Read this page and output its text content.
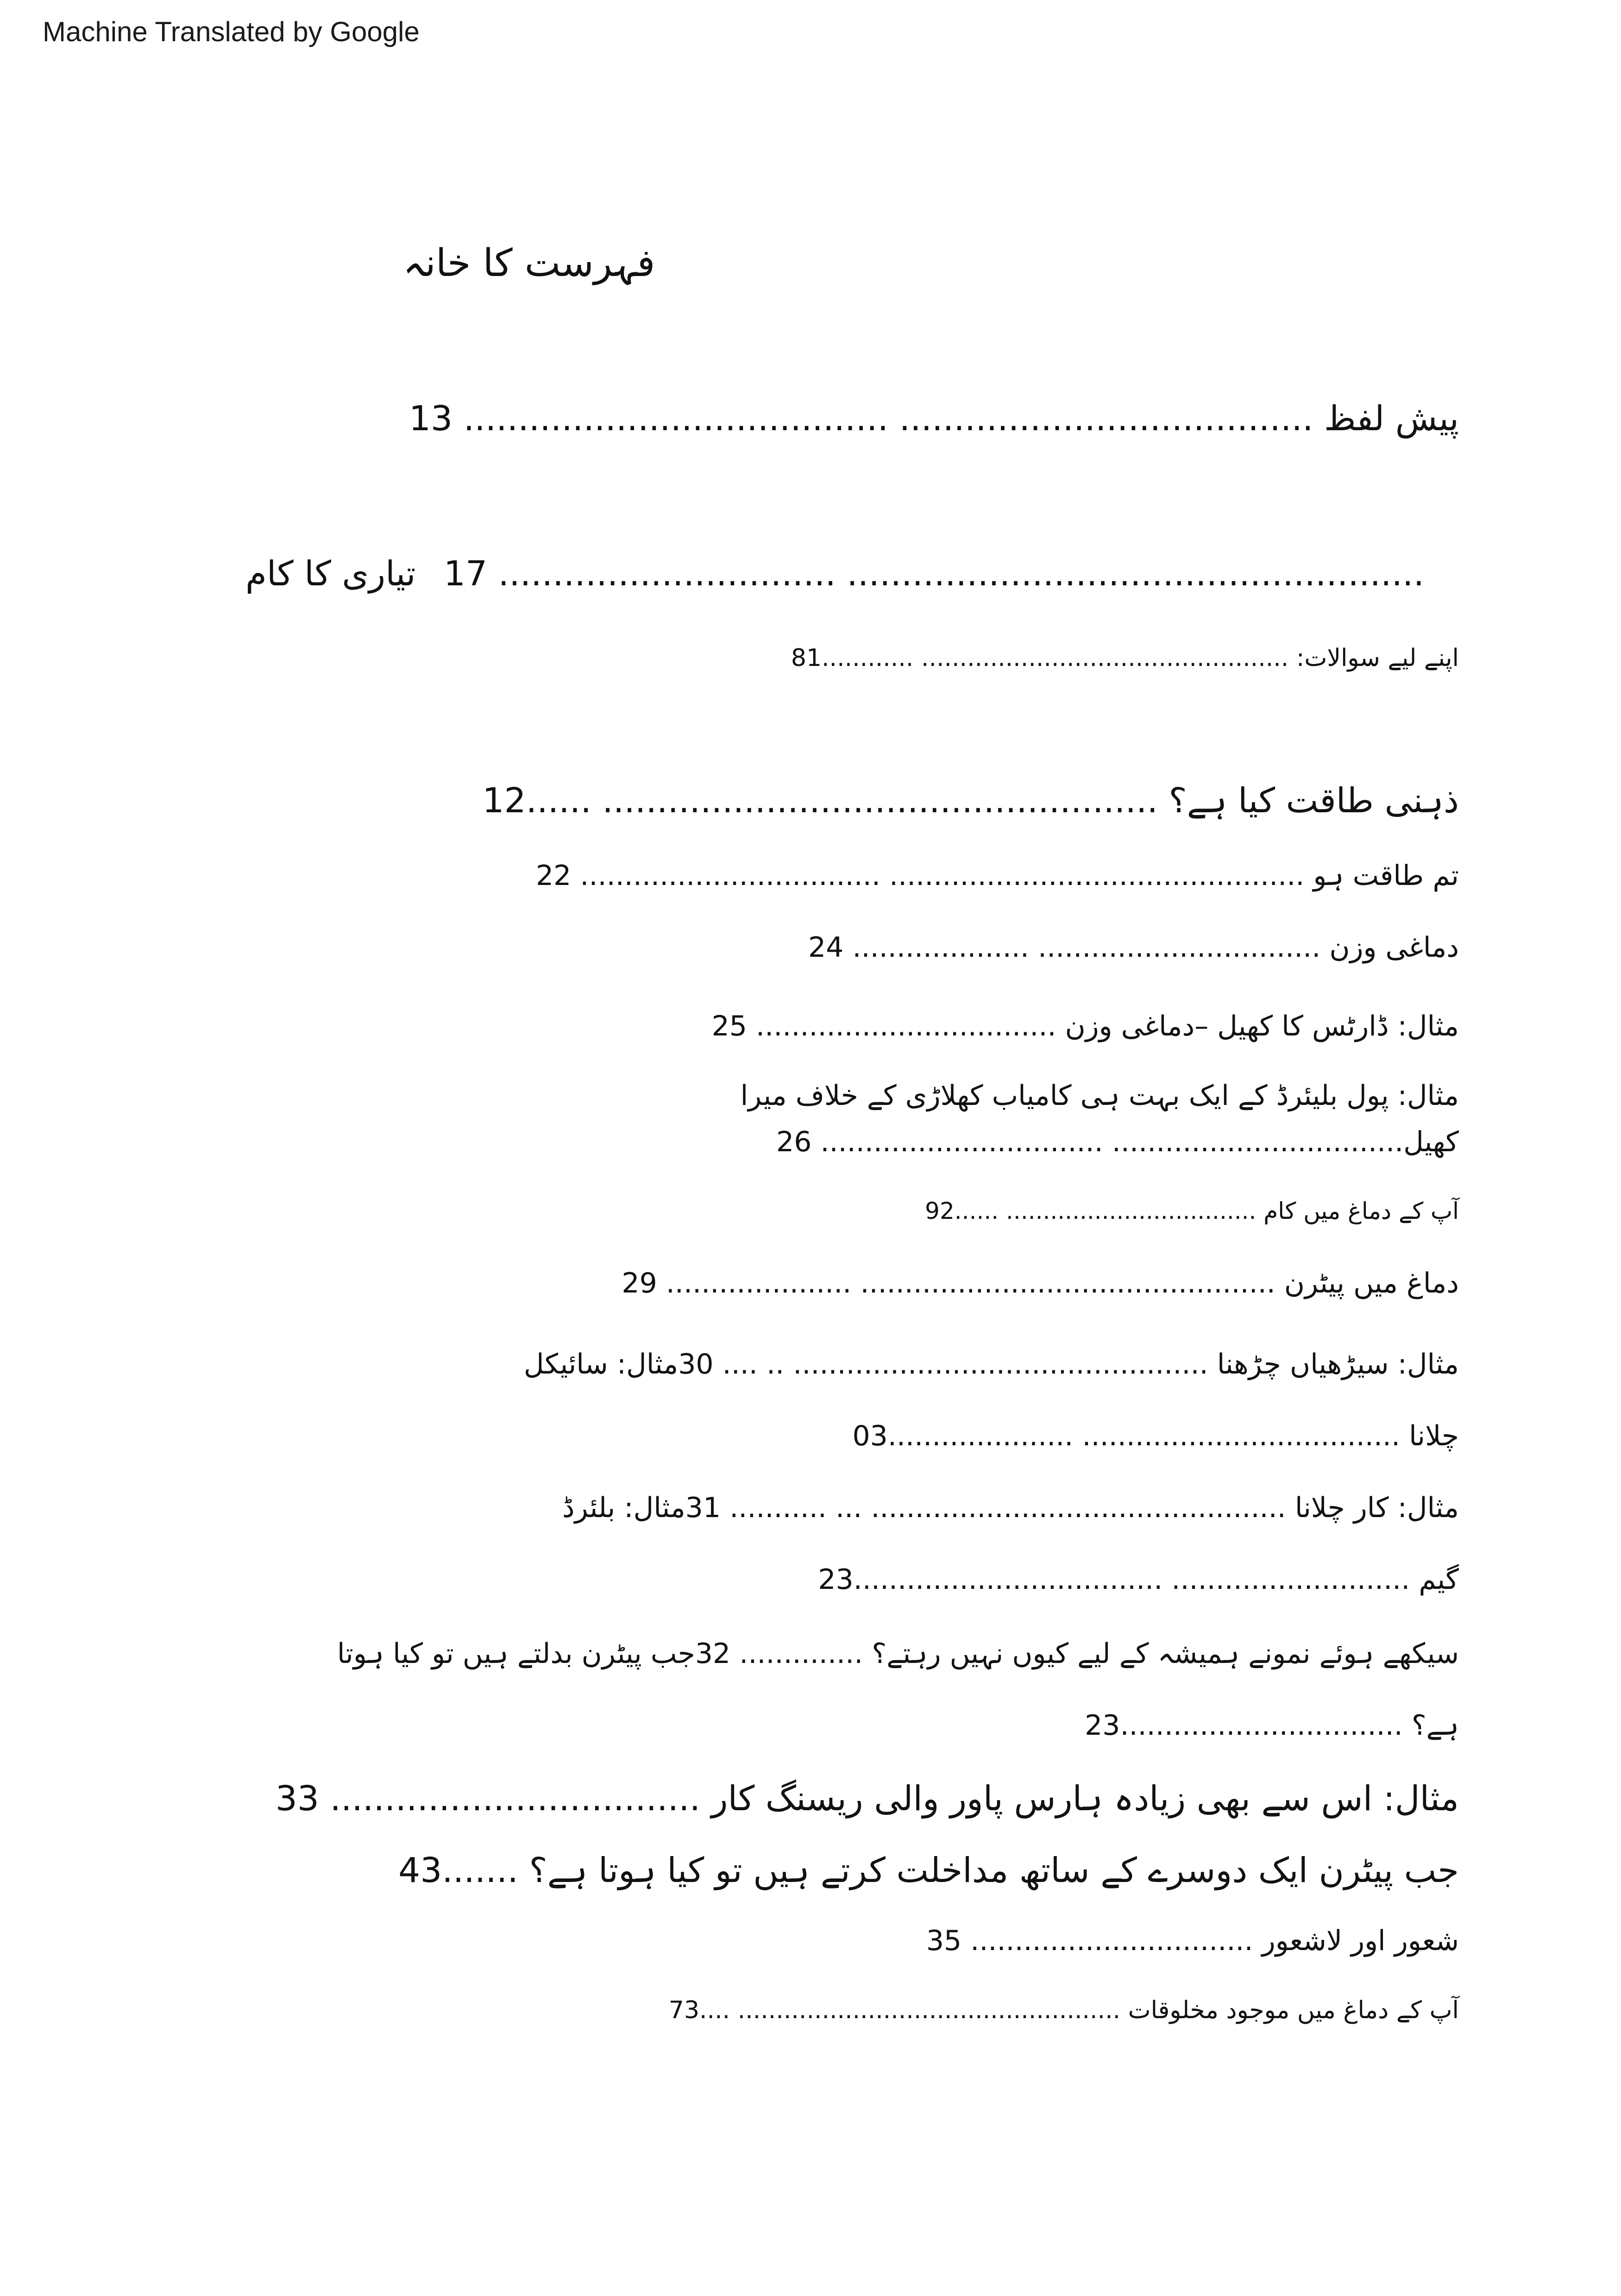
Machine Translated by Google
فہرست کا خانہ
پیش لفظ ...................................... ....................................... 13
17 ............................... .....................................................
تیاری کا کام
اپنے لیے سوالات: ................................................ ............81
ذہنی طاقت کیا ہے؟ ................................................... ......12
تم طاقت ہو ............................................... .................................. 22
دماغی وزن ................................ .................... 24
مثال: ڈارٹس کا کھیل –دماغی وزن .................................. 25
مثال: پول بلیئرڈ کے ایک بہت ہی کامیاب کھلاڑی کے خلاف میرا
کھیل................................. ................................ 26
آپ کے دماغ میں کام .................................. ......92
دماغ میں پیٹرن ............................................... ..................... 29
مثال: سیڑھیاں چڑھنا ............................................... .. .... 30مثال: سائیکل
چلانا .................................... .....................03
مثال: کار چلانا ............................................... ... ........... 31مثال: بلئرڈ
گیم ........................... ...................................23
سیکھے ہوئے نمونے ہمیشہ کے لیے کیوں نہیں رہتے؟ .............. 32جب پیٹرن بدلتے ہیں تو کیا ہوتا
ہے؟ ................................23
مثال: اس سے بھی زیادہ ہارس پاور والی ریسنگ کار .................................. 33
جب پیٹرن ایک دوسرے کے ساتھ مداخلت کرتے ہیں تو کیا ہوتا ہے؟ .......43
شعور اور لاشعور ................................ 35
آپ کے دماغ میں موجود مخلوقات .................................................. ....73
